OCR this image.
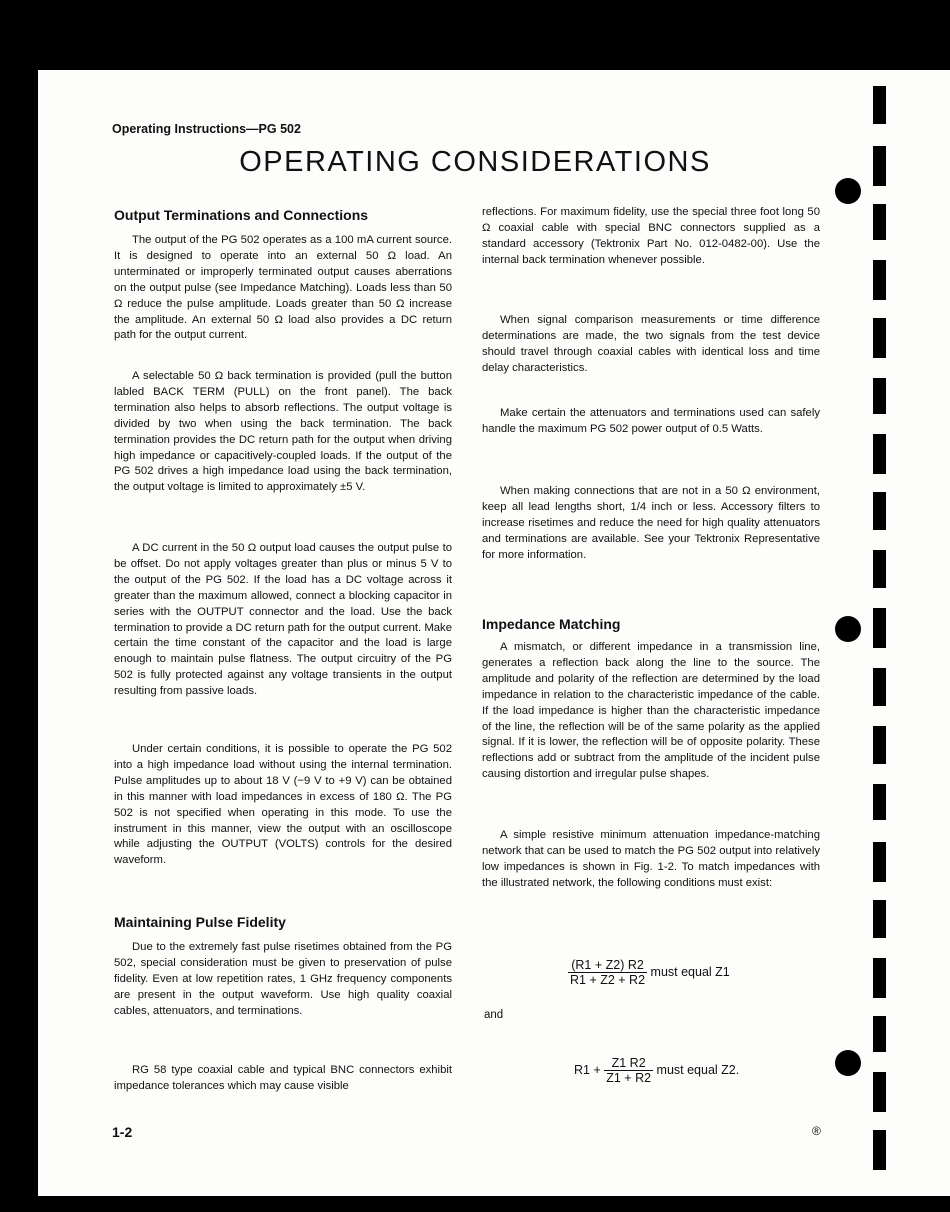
Operating Instructions—PG 502
OPERATING CONSIDERATIONS
Output Terminations and Connections

The output of the PG 502 operates as a 100 mA current source. It is designed to operate into an external 50 Ω load. An unterminated or improperly terminated output causes aberrations on the output pulse (see Impedance Matching). Loads less than 50 Ω reduce the pulse amplitude. Loads greater than 50 Ω increase the amplitude. An external 50 Ω load also provides a DC return path for the output current.

A selectable 50 Ω back termination is provided (pull the button labled BACK TERM (PULL) on the front panel). The back termination also helps to absorb reflections. The output voltage is divided by two when using the back termination. The back termination provides the DC return path for the output when driving high impedance or capacitively-coupled loads. If the output of the PG 502 drives a high impedance load using the back termination, the output voltage is limited to approximately ±5 V.

A DC current in the 50 Ω output load causes the output pulse to be offset. Do not apply voltages greater than plus or minus 5 V to the output of the PG 502. If the load has a DC voltage across it greater than the maximum allowed, connect a blocking capacitor in series with the OUTPUT connector and the load. Use the back termination to provide a DC return path for the output current. Make certain the time constant of the capacitor and the load is large enough to maintain pulse flatness. The output circuitry of the PG 502 is fully protected against any voltage transients in the output resulting from passive loads.

Under certain conditions, it is possible to operate the PG 502 into a high impedance load without using the internal termination. Pulse amplitudes up to about 18 V (−9 V to +9 V) can be obtained in this manner with load impedances in excess of 180 Ω. The PG 502 is not specified when operating in this mode. To use the instrument in this manner, view the output with an oscilloscope while adjusting the OUTPUT (VOLTS) controls for the desired waveform.

Maintaining Pulse Fidelity

Due to the extremely fast pulse risetimes obtained from the PG 502, special consideration must be given to preservation of pulse fidelity. Even at low repetition rates, 1 GHz frequency components are present in the output waveform. Use high quality coaxial cables, attenuators, and terminations.

RG 58 type coaxial cable and typical BNC connectors exhibit impedance tolerances which may cause visible

reflections. For maximum fidelity, use the special three foot long 50 Ω coaxial cable with special BNC connectors supplied as a standard accessory (Tektronix Part No. 012-0482-00). Use the internal back termination whenever possible.

When signal comparison measurements or time difference determinations are made, the two signals from the test device should travel through coaxial cables with identical loss and time delay characteristics.

Make certain the attenuators and terminations used can safely handle the maximum PG 502 power output of 0.5 Watts.

When making connections that are not in a 50 Ω environment, keep all lead lengths short, 1/4 inch or less. Accessory filters to increase risetimes and reduce the need for high quality attenuators and terminations are available. See your Tektronix Representative for more information.

Impedance Matching

A mismatch, or different impedance in a transmission line, generates a reflection back along the line to the source. The amplitude and polarity of the reflection are determined by the load impedance in relation to the characteristic impedance of the cable. If the load impedance is higher than the characteristic impedance of the line, the reflection will be of the same polarity as the applied signal. If it is lower, the reflection will be of opposite polarity. These reflections add or subtract from the amplitude of the incident pulse causing distortion and irregular pulse shapes.

A simple resistive minimum attenuation impedance-matching network that can be used to match the PG 502 output into relatively low impedances is shown in Fig. 1-2. To match impedances with the illustrated network, the following conditions must exist:

$\frac{(R1 + Z2) R2}{R1 + Z2 + R2}$ must equal Z1
and
$R1 + \frac{Z1 R2}{Z1 + R2}$ must equal Z2.
1-2	®
